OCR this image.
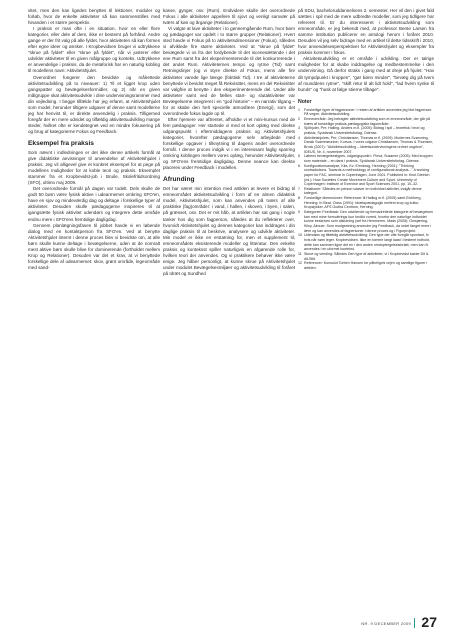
vitet, men den kan ligedes benyttes til lektioner, moduler og forløb, hvor de enkelte aktiviteter så kan sammenstilles med hinanden i et større perspektiv.

I praksis er man ofte i en situation, hvor en eller flere kategorier, eller dele af dem, ikke er bestemt på forhånd. Andre gange er der frit valg på alle fyldet, hvor aktiviteten så kan formes efter egne ideer og ønsker. I Kropbevidsen bruger vi udtrykkene "skrue på fyldet" eller "skrue på fyldet", når vi justerer eller udvikler aktiviteter til en given målgruppe og konteks. Udtrykkene er anvendelige i praksis, da de metaforisk har en naturlig kobling til modellens navn: Aktivitetshjulet.

Overordnet fungerer den bevidste og målrettede aktivitetsudvikling på to niveauer: 1) Til et ligget krop uden gangspatter og bevægelsesformidler, og 2) når en given målgruppe skal aktivitetsudvikle i dine undervisningsrammer med din vejledning. I begge tilfælde har jeg erfaret, at Aktivitetshjulet som model, herunder tiltigere udgaver af denne samt modellerne jeg har henvist til, er direkte anvendelig i praksis. Tilligemed foregår der en mere udvidet og tilfældig aktivitetsudvikling mange steder, hvilket ofte er kendetegnet ved en mindre fokusering på og brug af kategorierne Fokus og Feedback.

Eksempel fra praksis

Som nævnt i indledningen er det ikke denne artikels formål at give didaktiske anvisninger til anvendelse af Aktivitetshjulet i praksis. Jeg vil alligevel give et konkret eksempel for at pege på modellens muligheder for at koble teori og praksis. Eksemplet stammer fra et Kropbevidst-job i Bruile, Skolefritidsordning (SFO), ultimo maj 2009.

Det overordnede formål på dagen var todelt. Dels skulle de godt 50 børn være fysisk aktive i udearmemet omkring SFO'en, have en sjov og mindeværdig dag og deltage i forskellige typer af aktiviteter. Desuden skulle pædagogerne inspireres til at igangsætte fysisk aktivitet udendørs og integrere dette område endnu mere i SFO'ens fremtidige dagligdag.

Gennem planlægningsfasen til jobbet havde vi en løbende dialog med en kontaktperson fra SFO'en. Ved at benytte Aktivitetshjulet internt i denne proces blev vi bevidste om, at alle børn skulle kunne deltage i bevægelserne, uden at de nomralt mest aktive børn skulle blive for dominerende (fortholdet mellem Krop og Relationer). Desuden var det et krav, at vi benyttede forskellige dele af udearmemet: skov, grønt område, legeområde med sand-

kasse, gynger, osv. (Rum). Endvidere skulle det overordnede Fokus i alle aktiviteter appellere til sjovt og venligt samvær på tværs af køn og årgange (Relationer).

Vi valgte at lave aktiviteter i to gennemgående Rum, hvor børn og pædagoger var opdelt i to større grupper (Relationer). Hvert sted havde vi Fokus på to aktivitetsdimensioner (Fokus), således vi afviklede fire større aktiviteter. Ved at "skrue på fyldet" bevægede vi os fra det fordybende til det iscenesættende i det ene Rum samt fra det eksperimenterende til det konkurrerende i det andet Rum. Aktiviteternes tempo og rytme (Tid) samt Retningslinjer (og vi styre direkte af Fokus, mens alle fire aktiviteter varede lige længe (fokttisk Tid). I tre af aktiviteterne benyttede vi bevidst meget få Rekvisitter, mens en del Rekvisitter var valgfrie at benytte i den eksperimenterende del. Under alle aktiviteter samt ved de fælles start- og slutaktiviteter var Bevægelserne integreret i en "god historie" – en narrativ tilgang – for at skabe den helt specielle atmosfære (Energi), som det overordnede fokus lagde op til.

Efter hjemere var aftrentet, afholdte vi et mini-kursus med de fem pædagoger. Her startede vi med et kort oplæg med direkte udgangspunkt i eftermiddagens praksis og Aktivitetshjulets kategorier, hvorefter pædagogerne selv arbejdede med forskellige opgaver i tilknytning til dagens andet overordnede formål. I denne proces indgik vi i en interessant faglig sparring omkring koblingen mellem vores oplæg, herunder Aktivitetshjulet, og SFO'ens fremtidige dagligdag. Denne seance kan direkte placeres under Feedback i modellen.

Afrunding

Det har været min intention med artiklen at levere et bidrag til emneområdet aktivitetsudvikling i form af en almen didaktisk model, Aktivitetshjulet, som kan anvendes på tværs af alle praktiske (fag)områder: i vand, i hallen, i skoven, i byen, i salen, på græsset, osv. Det er mit håb, at artiklen har sat gang i nogle tanker hos dig som fagperson, således at du reflekterer over, hvorvidt Aktivitetshjulet og dennes kategorier kan inddrages i din daglige praksis til at beskrive, analysere og udvikle aktiviteter. Min model er ikke en erstatning for, men et supplement til, emneområdets eksisterende modeller og litteratur. Den enkelte praksis og konteksst spiller naturligvis en afgørende rolle for, hvilken teori der anvendes. Og vi praktikere behøver ikke være enige. Jeg håber personligt, at kunne skrue på Aktivitetshjulet under modulet Bevægelsesmiljøer og aktivitetsudvikling til foråret på Idræt og Sundhed

på SDU, bacheloruddannelsens 2. semester. Her vil den i givet fald sættes i spil med de mere udbredte modeller, som jeg tidligere har refereret til. Er du interesseret i aktivitetsudvikling som emneområde, er jeg bekendt med, at professor Bente Larsen fra samme institution publicerer en antologi herom i foråret 2010. Desuden vil jeg selv bidrage med en artikel til dette tidsskrift i 2010, hvor anvendelsesperspektivet for Aktivitetshjulet og eksempler fra praksis kommer i fokus.

Aktivitetsudvikling er et område i udvikling. Der er talrige muligheder for at skabe inddragelse og medbestemmelse i den undervisning. Gå derfor straks i gang med at dreje på hjulet: "Hav dit tympdpunkt i kroppen", "gør bønn minder", "bevæg dig på tvers af munddens rytme", "skift retur til alt lidt hold", "lad hvem synke til bunds" og "husk at følge stierne tilbage".

Noter
1	Forskellige typer af fagpersoner: I resten af artiklen anvendes jeg blot fagperson. På vegne. Aktivitetsudvikling.
2	Emneområde: Jeg betragter aktivitetsudvikling som et emneområde, der går på tværs af forskellige praksis-pædagogiske fagområder.
3	Sjölhjulet, Per; Halling, Anders m.fl. (2005): Bidrag i spil – teoretisk i teori og praksis, Syddansk Universitetsforlag, Odense.
4	Aktivitetshjulets, Per; Christiansen, Thomas m.fl. (2009): Modernes Svømning, Dansk Svømmeunion, Kursus. I vores udgave Christiansen, Thomas & Thomsen, Brock (2007): "Aktivitetsudvikling – Idrætsundervisningens ordnet ungdom", IDEUS, Nr. 4, november 2007.
5	Løbens bevægelsestypes, udgangspunkt i: Fleva, Susanne (2005): Med kroppen som materiale – en dans i praksis, Syddansk Universitetsforlag, Odense.
6	Konfigurationsanalyse, Kila, Kv; Einnlowg, Henning (2001): "Thinking contradictions. Towards a methodology of configurational analysis..." A working paper for FAC, seminar in Copenhagen, June 2001. Published in: Knut Dietrich (ed.): How Societies Create Movement Culture and Sport. University of Copenhagen: Institute of Exercise and Sport Sciences 2001, pp. 10–32.
7	Relationer: Således en person udøver en individuel aktivitet, indgår denne kategori.
8	Forskellige dimensioner: Referencer til Halling m.fl. (2005) samt Eichberg, Henning: In Beat, Class (1991): Idrætspædagogik mellem krop og kultur, Kropslykker, AFS Gudha Centrum, Herning.
9	Kategorien Feedback: Den udvidende og fremadrettede kategorie af bevægelsen kan med mine formulérings kun fordikt vorred, hvorfor den naturlige indholdet kunne beskrives som afslutning (set fra Hemmeren, Mads (2005): Omsjæring, Kliny, Almuer. Som modgestning anvender jeg Feedback, da ordet fanget mere i lære og kan anvendes af fagpersoner i denne proces og i Figurprojekt.
10 Udendørs og tilfældig aktivitetsudvikling: Den type der ofte foregår spontant, fx hvis når børn leger. Kropbevidsen. Ikke en tomme langt laast i bestemt indhold, dette kan sammen ligne det en i den anden omdoptergelsesforløb, men kan fx anvendes i en uformel kontekst.
11 Skrue og vending: Således Den type af aktiviteter, vi i Kropbevidst kalder Dit & dit-Stilt.
12 Referencer: Konsulut Torben Hansen for påbeligvis vejen og samtlige figurer i artiklen.
NR. 9 DECEMBER 2009 27
